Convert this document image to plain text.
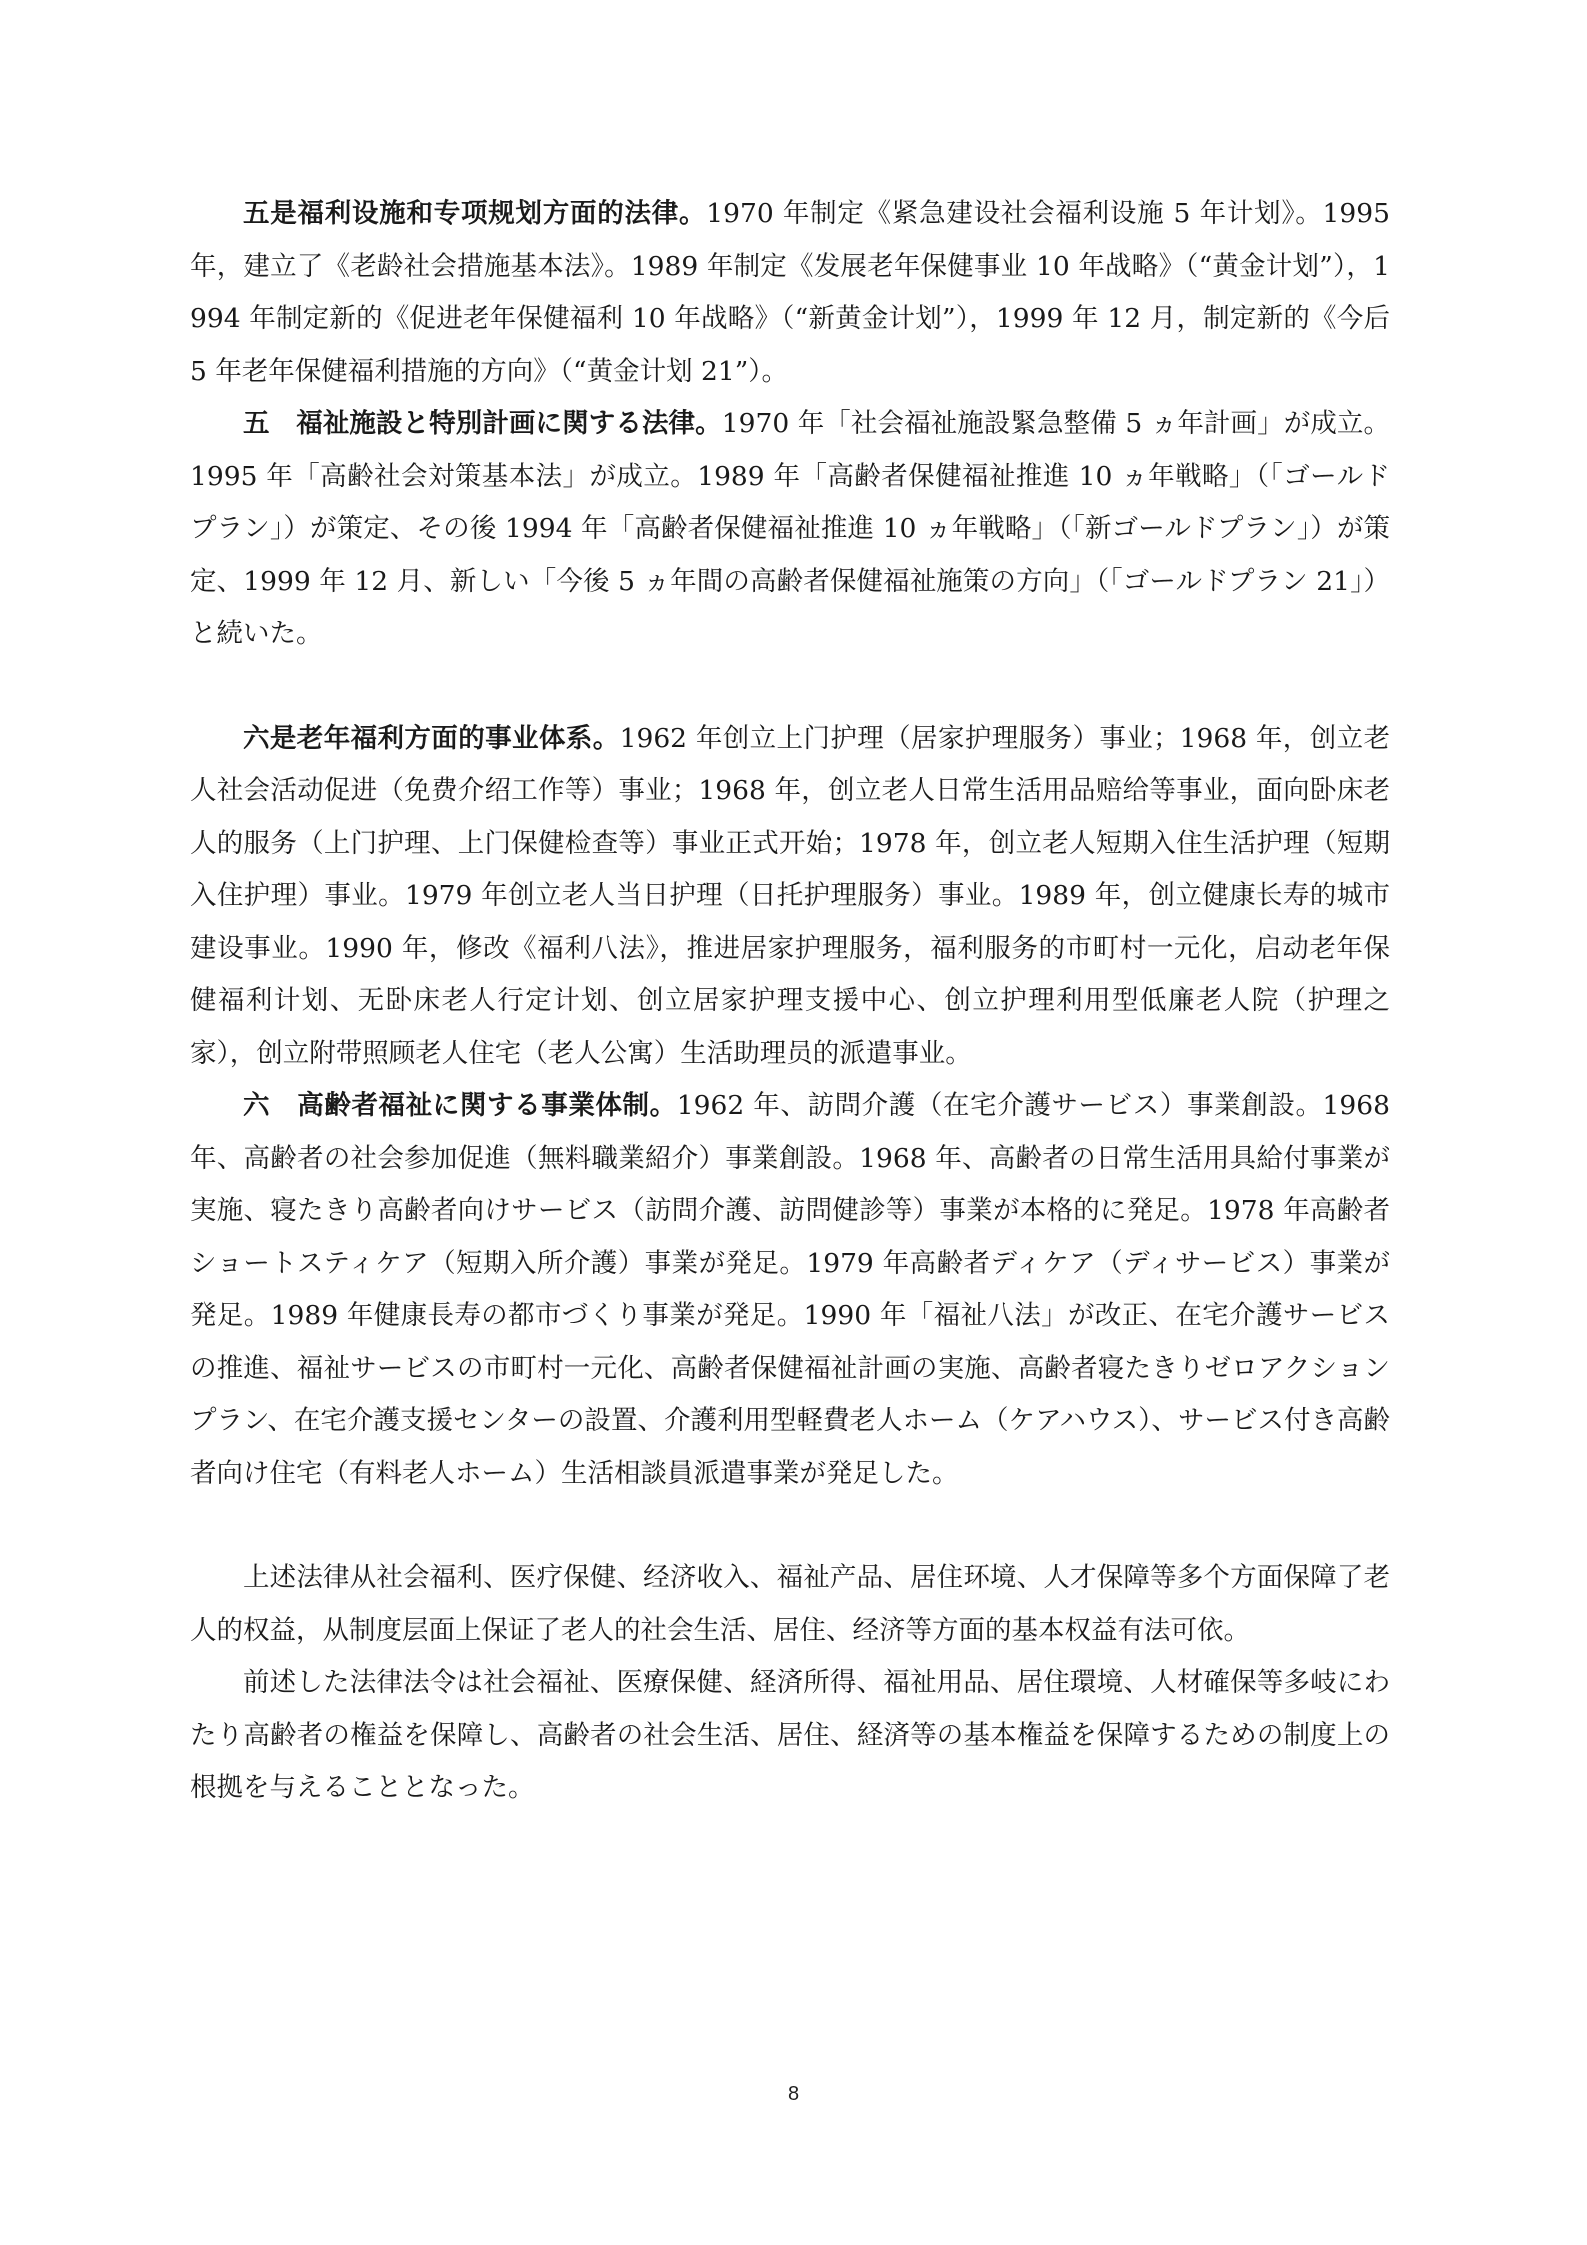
五是福利设施和专项规划方面的法律。1970 年制定《紧急建设社会福利设施 5 年计划》。1995 年，建立了《老龄社会措施基本法》。1989 年制定《发展老年保健事业 10 年战略》（“黄金计划”），1994 年制定新的《促进老年保健福利 10 年战略》（“新黄金计划”），1999 年 12 月，制定新的《今后 5 年老年保健福利措施的方向》（“黄金计划 21”）。

五　福祉施設と特別計画に関する法律。1970 年「社会福祉施設緊急整備 5 ヵ年計画」が成立。1995 年「高齢社会対策基本法」が成立。1989 年「高齢者保健福祉推進 10 ヵ年戦略」（「ゴールドプラン」）が策定、その後 1994 年「高齢者保健福祉推進 10 ヵ年戦略」（「新ゴールドプラン」）が策定、1999 年 12 月、新しい「今後 5 ヵ年間の高齢者保健福祉施策の方向」（「ゴールドプラン 21」）と続いた。

六是老年福利方面的事业体系。1962 年创立上门护理（居家护理服务）事业；1968 年，创立老人社会活动促进（免费介绍工作等）事业；1968 年，创立老人日常生活用品赔给等事业，面向卧床老人的服务（上门护理、上门保健检查等）事业正式开始；1978 年，创立老人短期入住生活护理（短期入住护理）事业。1979 年创立老人当日护理（日托护理服务）事业。1989 年，创立健康长寿的城市建设事业。1990 年，修改《福利八法》，推进居家护理服务，福利服务的市町村一元化，启动老年保健福利计划、无卧床老人行定计划、创立居家护理支援中心、创立护理利用型低廉老人院（护理之家），创立附带照顾老人住宅（老人公寓）生活助理员的派遣事业。

六　高齢者福祉に関する事業体制。1962 年、訪問介護（在宅介護サービス）事業創設。1968 年、高齢者の社会参加促進（無料職業紹介）事業創設。1968 年、高齢者の日常生活用具給付事業が実施、寝たきり高齢者向けサービス（訪問介護、訪問健診等）事業が本格的に発足。1978 年高齢者ショートスティケア（短期入所介護）事業が発足。1979 年高齢者ディケア（ディサービス）事業が発足。1989 年健康長寿の都市づくり事業が発足。1990 年「福祉八法」が改正、在宅介護サービスの推進、福祉サービスの市町村一元化、高齢者保健福祉計画の実施、高齢者寝たきりゼロアクションプラン、在宅介護支援センターの設置、介護利用型軽費老人ホーム（ケアハウス）、サービス付き高齢者向け住宅（有料老人ホーム）生活相談員派遣事業が発足した。

上述法律从社会福利、医疗保健、经济收入、福祉产品、居住环境、人才保障等多个方面保障了老人的权益，从制度层面上保证了老人的社会生活、居住、经济等方面的基本权益有法可依。

前述した法律法令は社会福祉、医療保健、経済所得、福祉用品、居住環境、人材確保等多岐にわたり高齢者の権益を保障し、高齢者の社会生活、居住、経済等の基本権益を保障するための制度上の根拠を与えることとなった。

8
